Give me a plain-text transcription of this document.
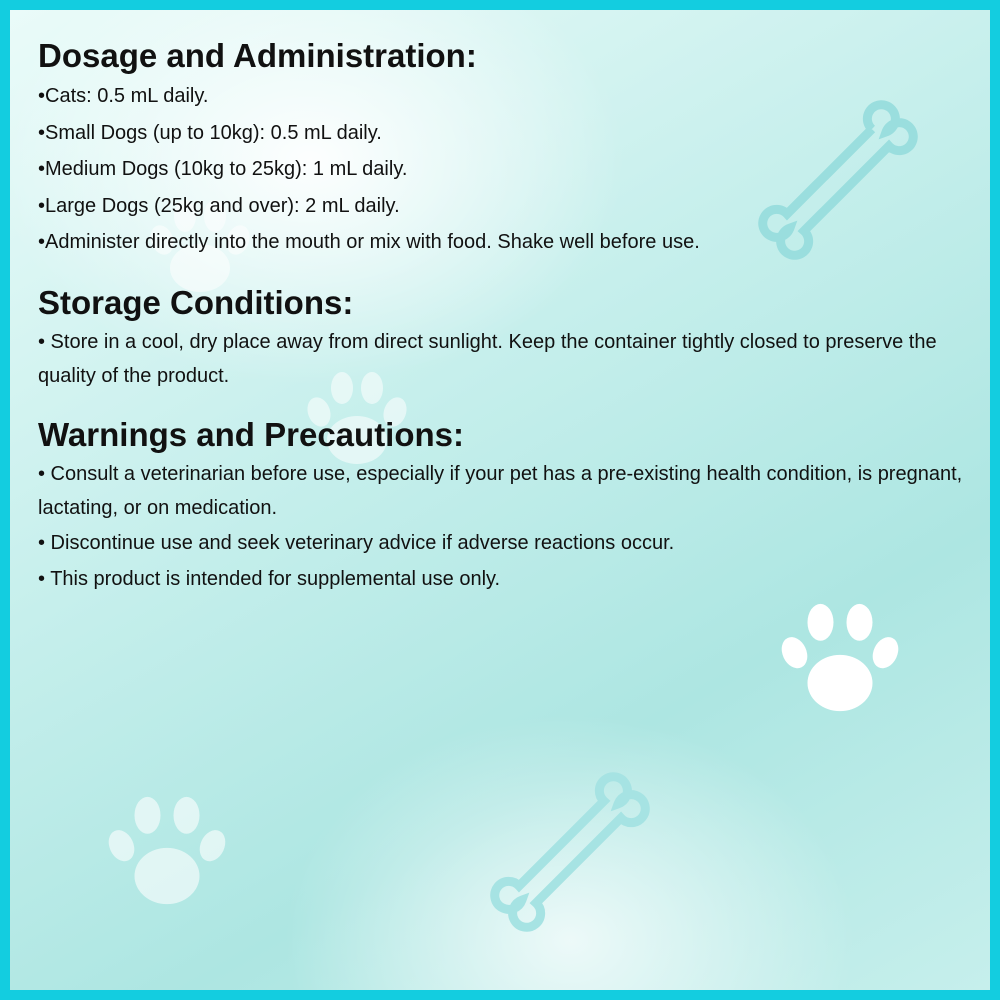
Dosage and Administration:

•Cats: 0.5 mL daily.

•Small Dogs (up to 10kg): 0.5 mL daily.

•Medium Dogs (10kg to 25kg): 1 mL daily.

•Large Dogs (25kg and over): 2 mL daily.

•Administer directly into the mouth or mix with food. Shake well before use.

Storage Conditions:

• Store in a cool, dry place away from direct sunlight. Keep the container tightly closed to preserve the quality of the product.

Warnings and Precautions:

• Consult a veterinarian before use, especially if your pet has a pre-existing health condition, is pregnant, lactating, or on medication.

• Discontinue use and seek veterinary advice if adverse reactions occur.

• This product is intended for supplemental use only.
